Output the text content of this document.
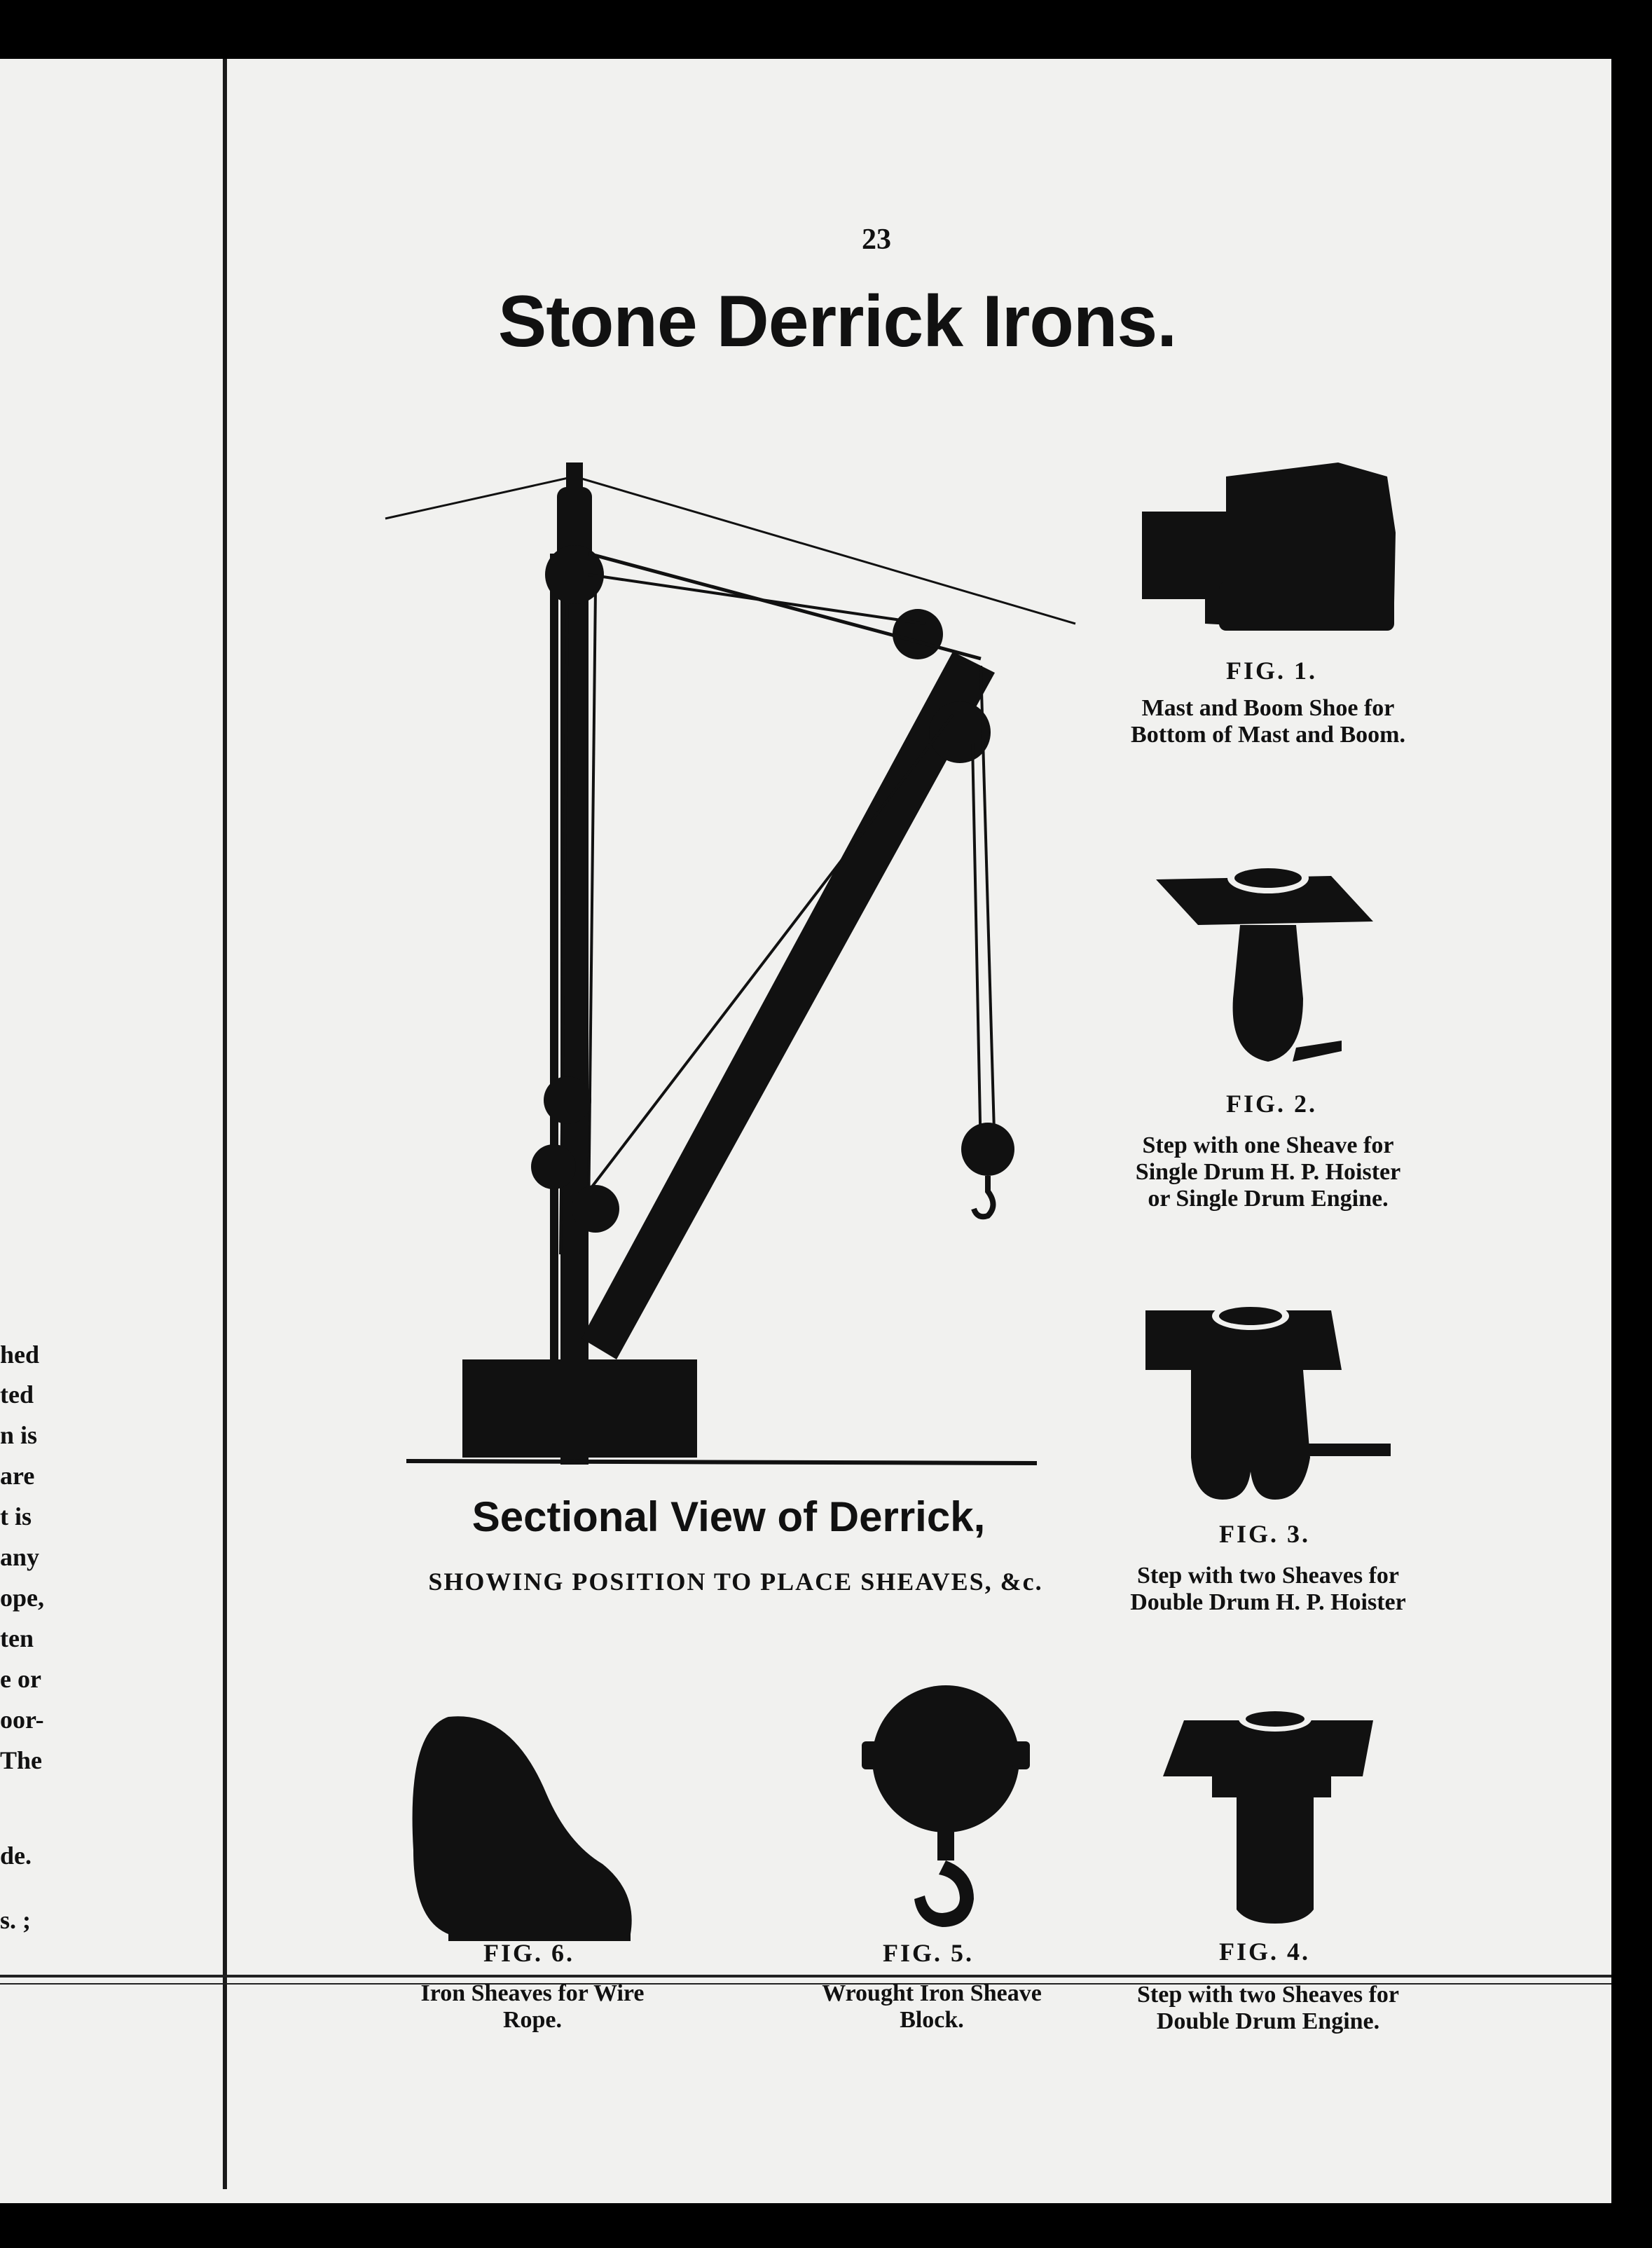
hed
ted
n is
are
t is
any
ope,
ten
e or
oor-
The
de.
s. ;
23
Stone Derrick Irons.
Sectional View of Derrick,
SHOWING POSITION TO PLACE SHEAVES, &c.
FIG. 1.
Mast and Boom Shoe for
Bottom of Mast and Boom.
FIG. 2.
Step with one Sheave for
Single Drum H. P. Hoister
or Single Drum Engine.
FIG. 3.
Step with two Sheaves for
Double Drum H. P. Hoister
FIG. 4.
Step with two Sheaves for
Double Drum Engine.
FIG. 5.
Wrought Iron Sheave
Block.
FIG. 6.
Iron Sheaves for Wire
Rope.
